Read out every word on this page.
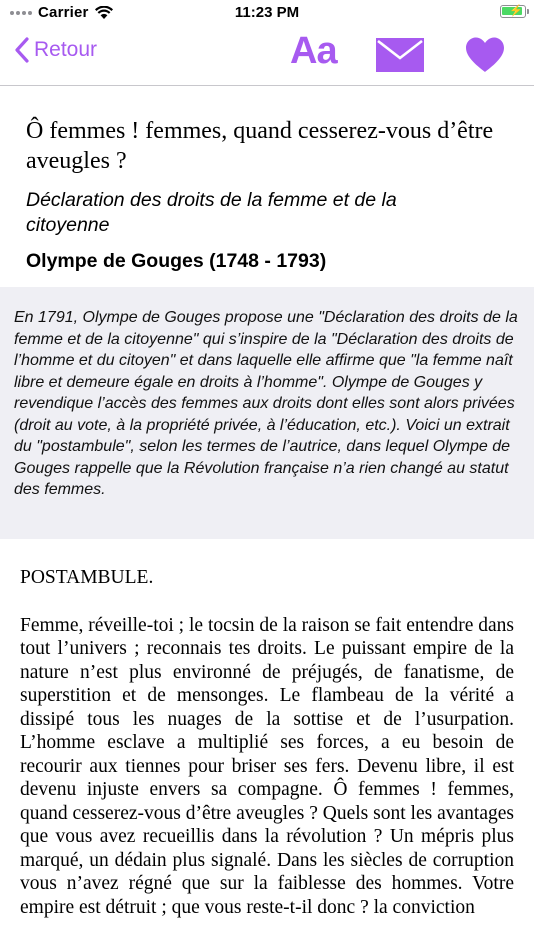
Carrier	11:23 PM	⚡
Retour	Aa
Ô femmes ! femmes, quand cesserez-vous d’être aveugles ?
Déclaration des droits de la femme et de la citoyenne
Olympe de Gouges (1748 - 1793)
En 1791, Olympe de Gouges propose une "Déclaration des droits de la femme et de la citoyenne" qui s’inspire de la "Déclaration des droits de l’homme et du citoyen" et dans laquelle elle affirme que "la femme naît libre et demeure égale en droits à l’homme". Olympe de Gouges y revendique l’accès des femmes aux droits dont elles sont alors privées (droit au vote, à la propriété privée, à l’éducation, etc.). Voici un extrait du "postambule", selon les termes de l’autrice, dans lequel Olympe de Gouges rappelle que la Révolution française n’a rien changé au statut des femmes.
POSTAMBULE.
Femme, réveille-toi ; le tocsin de la raison se fait entendre dans tout l’univers ; reconnais tes droits. Le puissant empire de la nature n’est plus environné de préjugés, de fanatisme, de superstition et de mensonges. Le flambeau de la vérité a dissipé tous les nuages de la sottise et de l’usurpation. L’homme esclave a multiplié ses forces, a eu besoin de recourir aux tiennes pour briser ses fers. Devenu libre, il est devenu injuste envers sa compagne. Ô femmes ! femmes, quand cesserez-vous d’être aveugles ? Quels sont les avantages que vous avez recueillis dans la révolution ? Un mépris plus marqué, un dédain plus signalé. Dans les siècles de corruption vous n’avez régné que sur la faiblesse des hommes. Votre empire est détruit ; que vous reste-t-il donc ? la conviction
